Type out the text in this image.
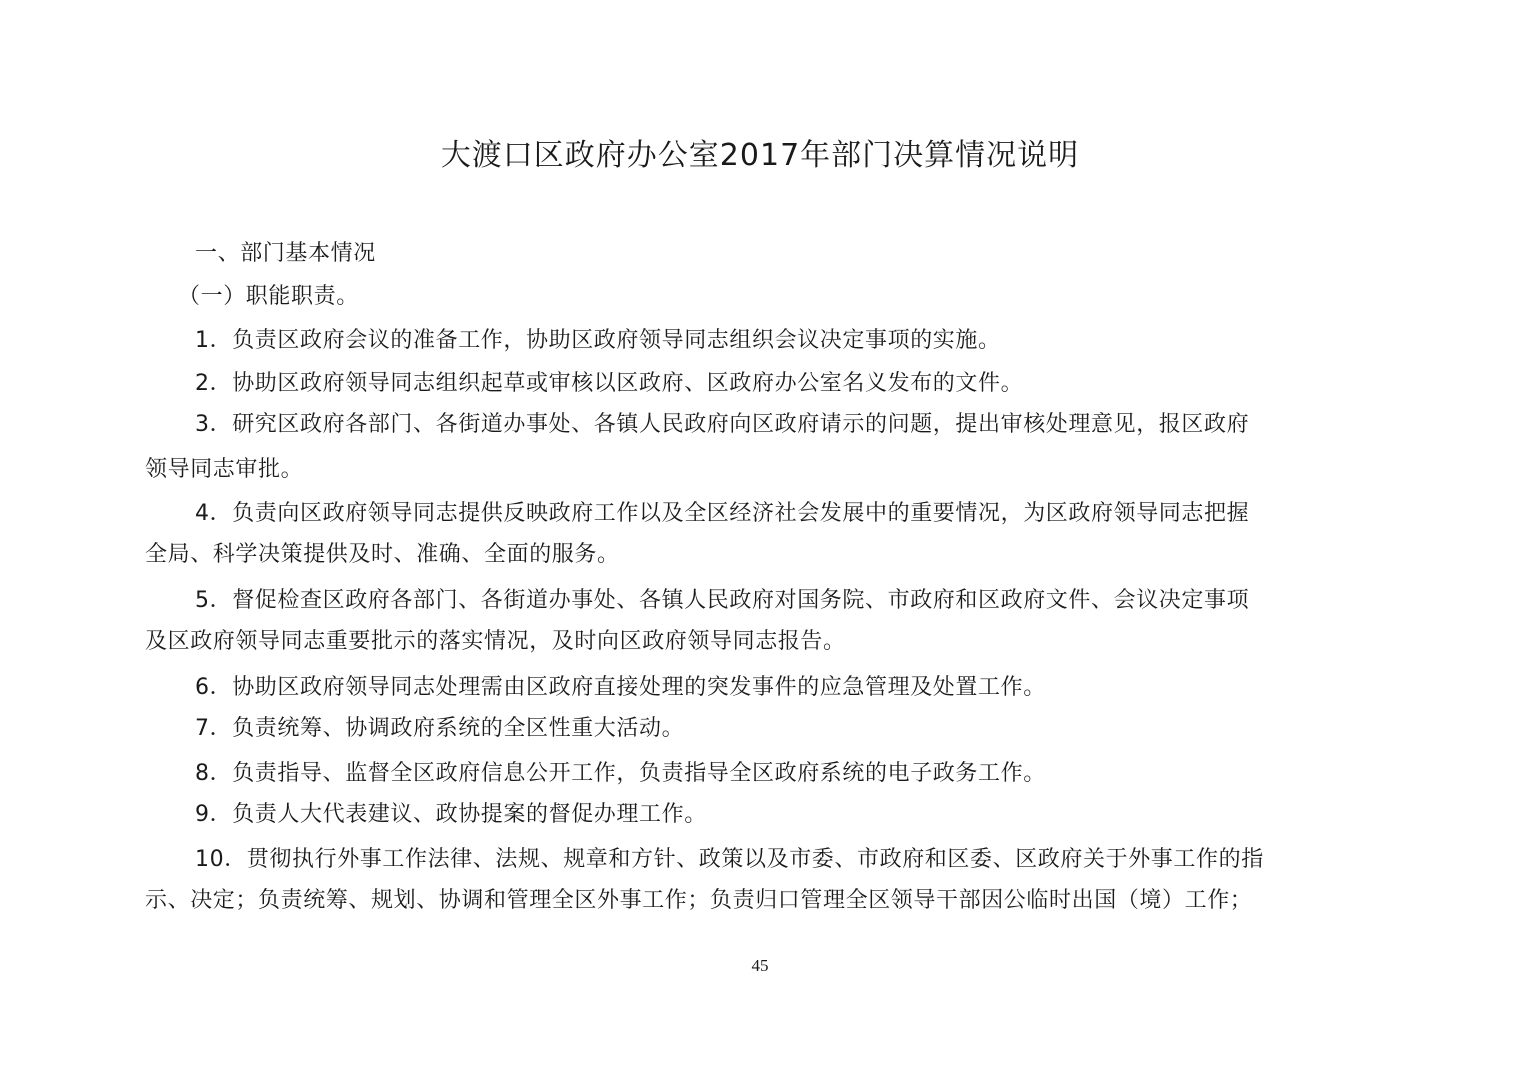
大渡口区政府办公室2017年部门决算情况说明
一、部门基本情况
（一）职能职责。
1．负责区政府会议的准备工作，协助区政府领导同志组织会议决定事项的实施。
2．协助区政府领导同志组织起草或审核以区政府、区政府办公室名义发布的文件。
3．研究区政府各部门、各街道办事处、各镇人民政府向区政府请示的问题，提出审核处理意见，报区政府
领导同志审批。
4．负责向区政府领导同志提供反映政府工作以及全区经济社会发展中的重要情况，为区政府领导同志把握
全局、科学决策提供及时、准确、全面的服务。
5．督促检查区政府各部门、各街道办事处、各镇人民政府对国务院、市政府和区政府文件、会议决定事项
及区政府领导同志重要批示的落实情况，及时向区政府领导同志报告。
6．协助区政府领导同志处理需由区政府直接处理的突发事件的应急管理及处置工作。
7．负责统筹、协调政府系统的全区性重大活动。
8．负责指导、监督全区政府信息公开工作，负责指导全区政府系统的电子政务工作。
9．负责人大代表建议、政协提案的督促办理工作。
10．贯彻执行外事工作法律、法规、规章和方针、政策以及市委、市政府和区委、区政府关于外事工作的指
示、决定；负责统筹、规划、协调和管理全区外事工作；负责归口管理全区领导干部因公临时出国（境）工作；
45
